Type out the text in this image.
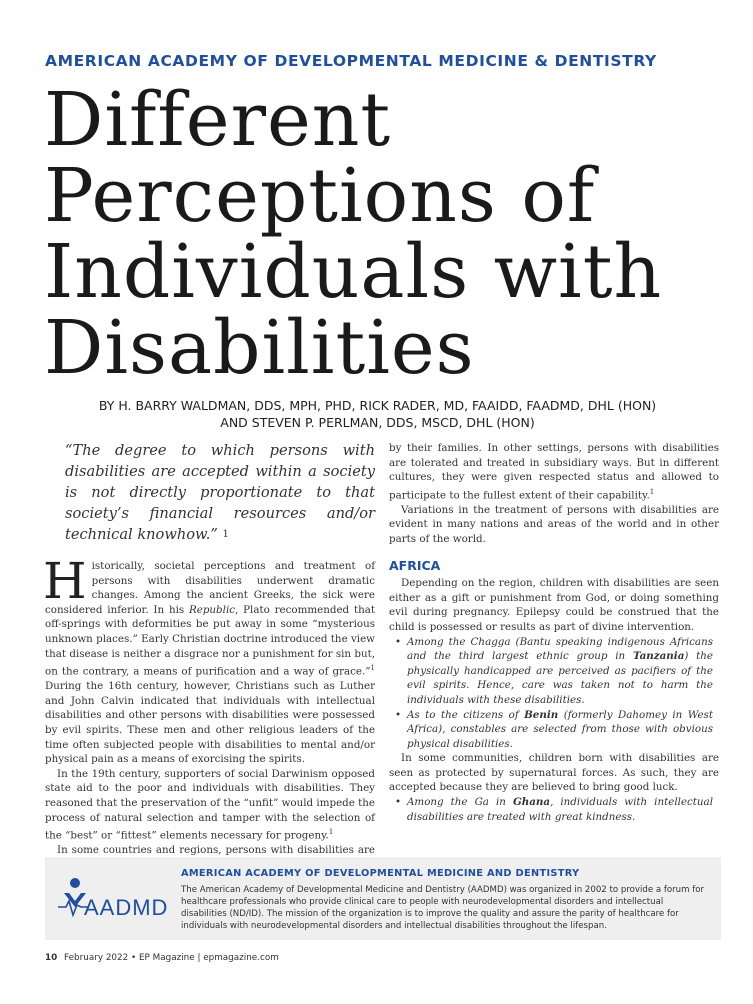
AMERICAN ACADEMY OF DEVELOPMENTAL MEDICINE & DENTISTRY
Different
Perceptions of
Individuals with
Disabilities
BY H. BARRY WALDMAN, DDS, MPH, PHD, RICK RADER, MD, FAAIDD, FAADMD, DHL (HON)
AND STEVEN P. PERLMAN, DDS, MSCD, DHL (HON)
“The degree to which persons with disabilities are accepted within a society is not directly proportionate to that society’s financial resources and/or technical knowhow.” $^1$

Historically, societal perceptions and treatment of persons with disabilities underwent dramatic changes. Among the ancient Greeks, the sick were considered inferior. In his Republic, Plato recommended that off-springs with deformities be put away in some “mysterious unknown places.” Early Christian doctrine introduced the view that disease is neither a disgrace nor a punishment for sin but, on the contrary, a means of purification and a way of grace.”$^1$ During the 16th century, however, Christians such as Luther and John Calvin indicated that individuals with intellectual disabilities and other persons with disabilities were possessed by evil spirits. These men and other religious leaders of the time often subjected people with disabilities to mental and/or physical pain as a means of exorcising the spirits.

In the 19th century, supporters of social Darwinism opposed state aid to the poor and individuals with disabilities. They reasoned that the preservation of the “unfit” would impede the process of natural selection and tamper with the selection of the “best” or “fittest” elements necessary for progeny.$^1$

In some countries and regions, persons with disabilities are

by their families. In other settings, persons with disabilities are tolerated and treated in subsidiary ways. But in different cultures, they were given respected status and allowed to participate to the fullest extent of their capability.$^1$

Variations in the treatment of persons with disabilities are evident in many nations and areas of the world and in other parts of the world.

AFRICA

Depending on the region, children with disabilities are seen either as a gift or punishment from God, or doing something evil during pregnancy. Epilepsy could be construed that the child is possessed or results as part of divine intervention.

• Among the Chagga (Bantu speaking indigenous Africans and the third largest ethnic group in Tanzania) the physically handicapped are perceived as pacifiers of the evil spirits. Hence, care was taken not to harm the individuals with these disabilities.
• As to the citizens of Benin (formerly Dahomey in West Africa), constables are selected from those with obvious physical disabilities.

In some communities, children born with disabilities are seen as protected by supernatural forces. As such, they are accepted because they are believed to bring good luck.

• Among the Ga in Ghana, individuals with intellectual disabilities are treated with great kindness.
AADMD
AMERICAN ACADEMY OF DEVELOPMENTAL MEDICINE AND DENTISTRY
The American Academy of Developmental Medicine and Dentistry (AADMD) was organized in 2002 to provide a forum for healthcare professionals who provide clinical care to people with neurodevelopmental disorders and intellectual disabilities (ND/ID). The mission of the organization is to improve the quality and assure the parity of healthcare for individuals with neurodevelopmental disorders and intellectual disabilities throughout the lifespan.
10 February 2022 • EP Magazine | epmagazine.com
